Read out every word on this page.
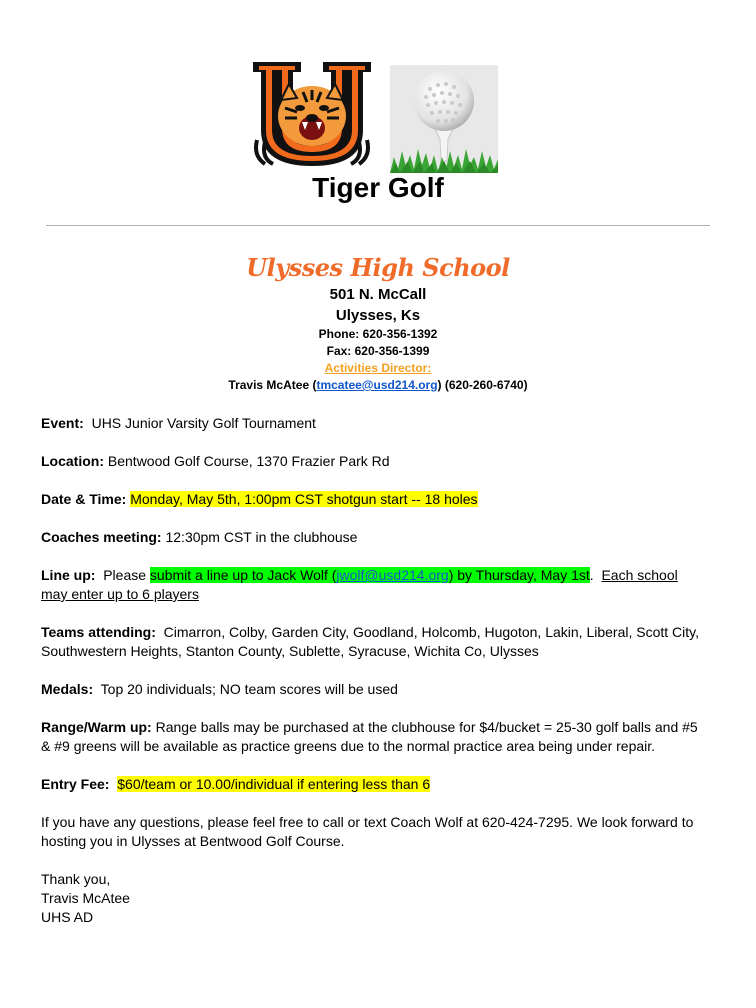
Tiger Golf
Ulysses High School
501 N. McCall
Ulysses, Ks
Phone: 620-356-1392
Fax: 620-356-1399
Activities Director:
Travis McAtee (tmcatee@usd214.org) (620-260-6740)
Event: UHS Junior Varsity Golf Tournament
Location: Bentwood Golf Course, 1370 Frazier Park Rd
Date & Time: Monday, May 5th, 1:00pm CST shotgun start -- 18 holes
Coaches meeting: 12:30pm CST in the clubhouse
Line up: Please submit a line up to Jack Wolf (jwolf@usd214.org) by Thursday, May 1st. Each school may enter up to 6 players
Teams attending: Cimarron, Colby, Garden City, Goodland, Holcomb, Hugoton, Lakin, Liberal, Scott City, Southwestern Heights, Stanton County, Sublette, Syracuse, Wichita Co, Ulysses
Medals: Top 20 individuals; NO team scores will be used
Range/Warm up: Range balls may be purchased at the clubhouse for $4/bucket = 25-30 golf balls and #5 & #9 greens will be available as practice greens due to the normal practice area being under repair.
Entry Fee: $60/team or 10.00/individual if entering less than 6
If you have any questions, please feel free to call or text Coach Wolf at 620-424-7295. We look forward to hosting you in Ulysses at Bentwood Golf Course.
Thank you,
Travis McAtee
UHS AD
